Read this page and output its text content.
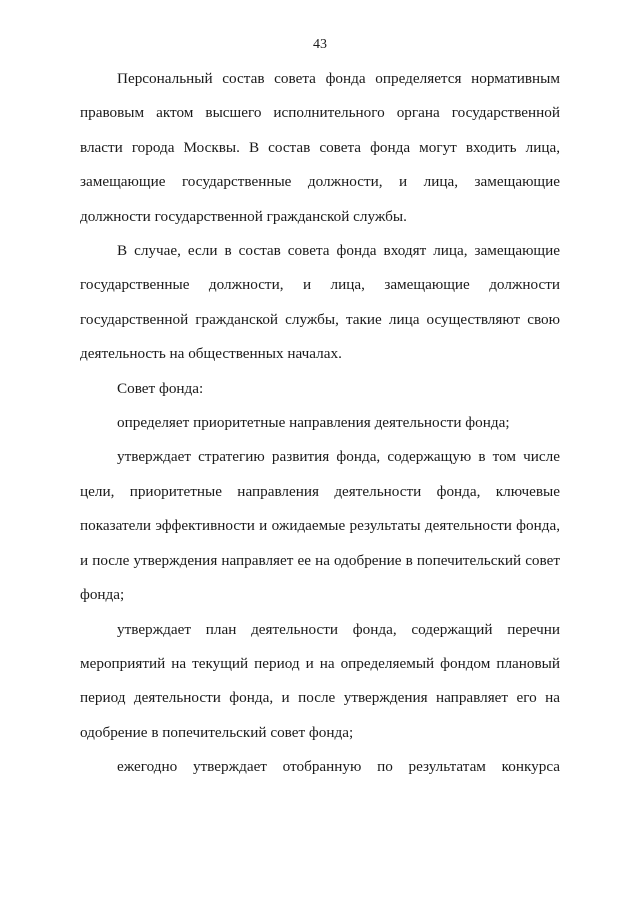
43

Персональный состав совета фонда определяется нормативным правовым актом высшего исполнительного органа государственной власти города Москвы. В состав совета фонда могут входить лица, замещающие государственные должности, и лица, замещающие должности государственной гражданской службы.

В случае, если в состав совета фонда входят лица, замещающие государственные должности, и лица, замещающие должности государственной гражданской службы, такие лица осуществляют свою деятельность на общественных началах.

Совет фонда:

определяет приоритетные направления деятельности фонда;

утверждает стратегию развития фонда, содержащую в том числе цели, приоритетные направления деятельности фонда, ключевые показатели эффективности и ожидаемые результаты деятельности фонда, и после утверждения направляет ее на одобрение в попечительский совет фонда;

утверждает план деятельности фонда, содержащий перечни мероприятий на текущий период и на определяемый фондом плановый период деятельности фонда, и после утверждения направляет его на одобрение в попечительский совет фонда;

ежегодно утверждает отобранную по результатам конкурса
